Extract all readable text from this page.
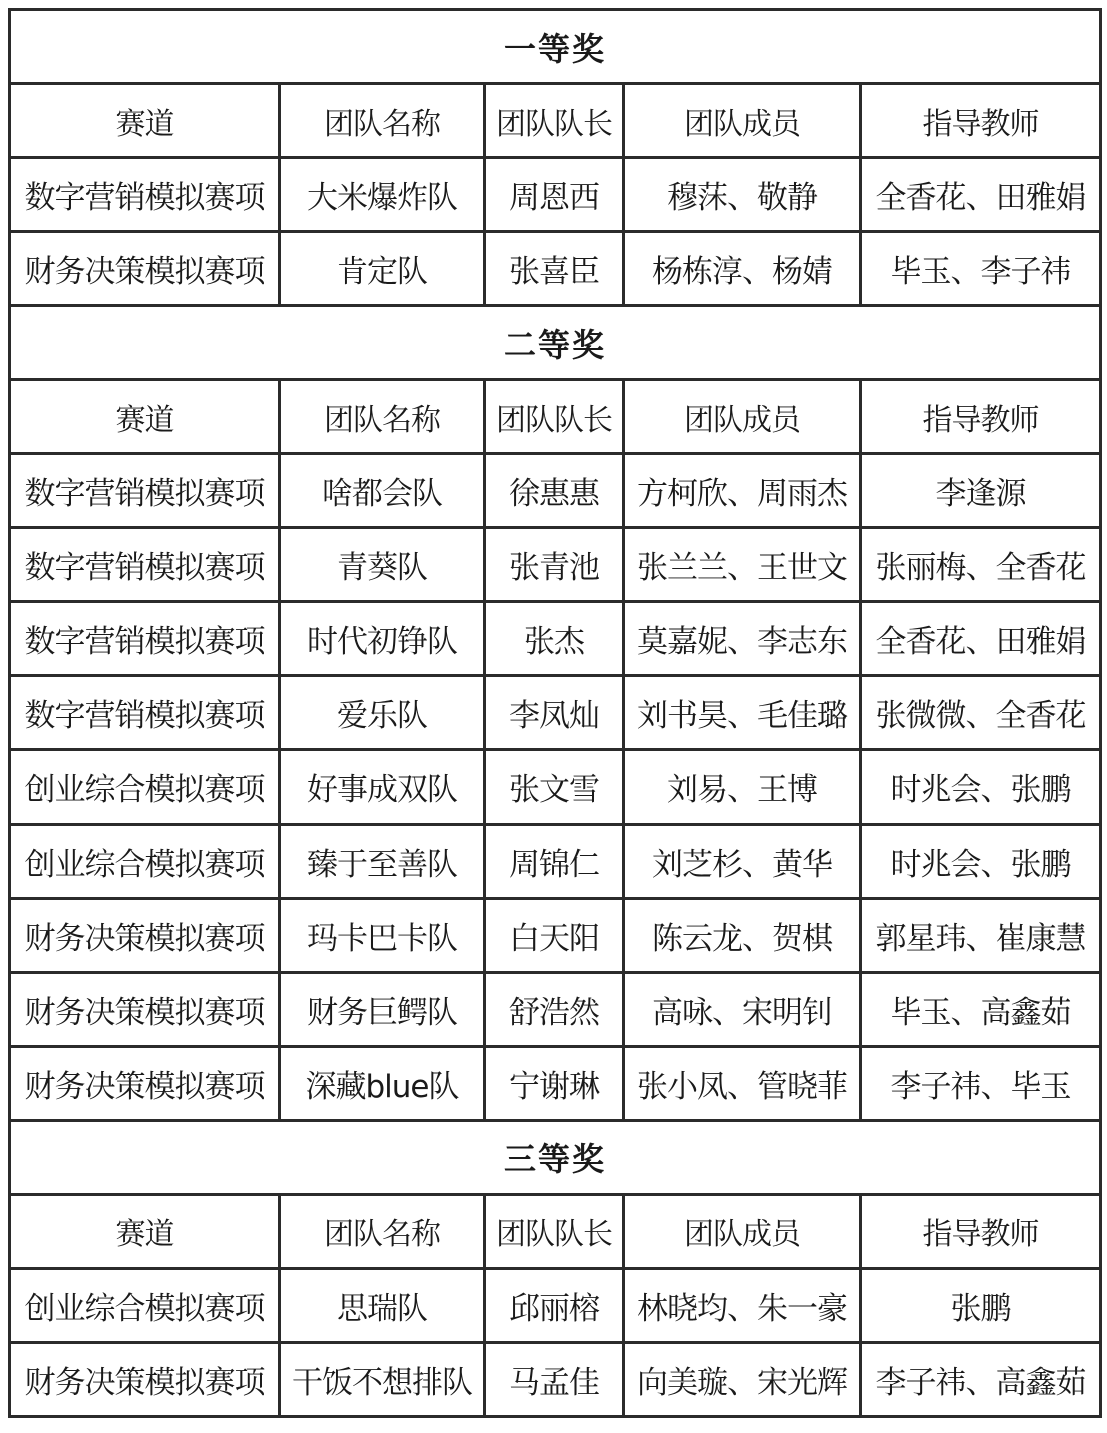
一等奖				
赛道	团队名称	团队队长	团队成员	指导教师
数字营销模拟赛项	大米爆炸队	周恩西	穆莯、敬静	全香花、田雅娟
财务决策模拟赛项	肯定队	张喜臣	杨栋淳、杨婧	毕玉、李子祎
二等奖				
赛道	团队名称	团队队长	团队成员	指导教师
数字营销模拟赛项	啥都会队	徐惠惠	方柯欣、周雨杰	李逢源
数字营销模拟赛项	青葵队	张青池	张兰兰、王世文	张丽梅、全香花
数字营销模拟赛项	时代初铮队	张杰	莫嘉妮、李志东	全香花、田雅娟
数字营销模拟赛项	爱乐队	李凤灿	刘书昊、毛佳璐	张微微、全香花
创业综合模拟赛项	好事成双队	张文雪	刘易、王博	时兆会、张鹏
创业综合模拟赛项	臻于至善队	周锦仁	刘芝杉、黄华	时兆会、张鹏
财务决策模拟赛项	玛卡巴卡队	白天阳	陈云龙、贺棋	郭星玮、崔康慧
财务决策模拟赛项	财务巨鳄队	舒浩然	高咏、宋明钊	毕玉、高鑫茹
财务决策模拟赛项	深藏blue队	宁谢琳	张小凤、管晓菲	李子祎、毕玉
三等奖				
赛道	团队名称	团队队长	团队成员	指导教师
创业综合模拟赛项	思瑞队	邱丽榕	林晓均、朱一豪	张鹏
财务决策模拟赛项	干饭不想排队	马孟佳	向美璇、宋光辉	李子祎、高鑫茹
